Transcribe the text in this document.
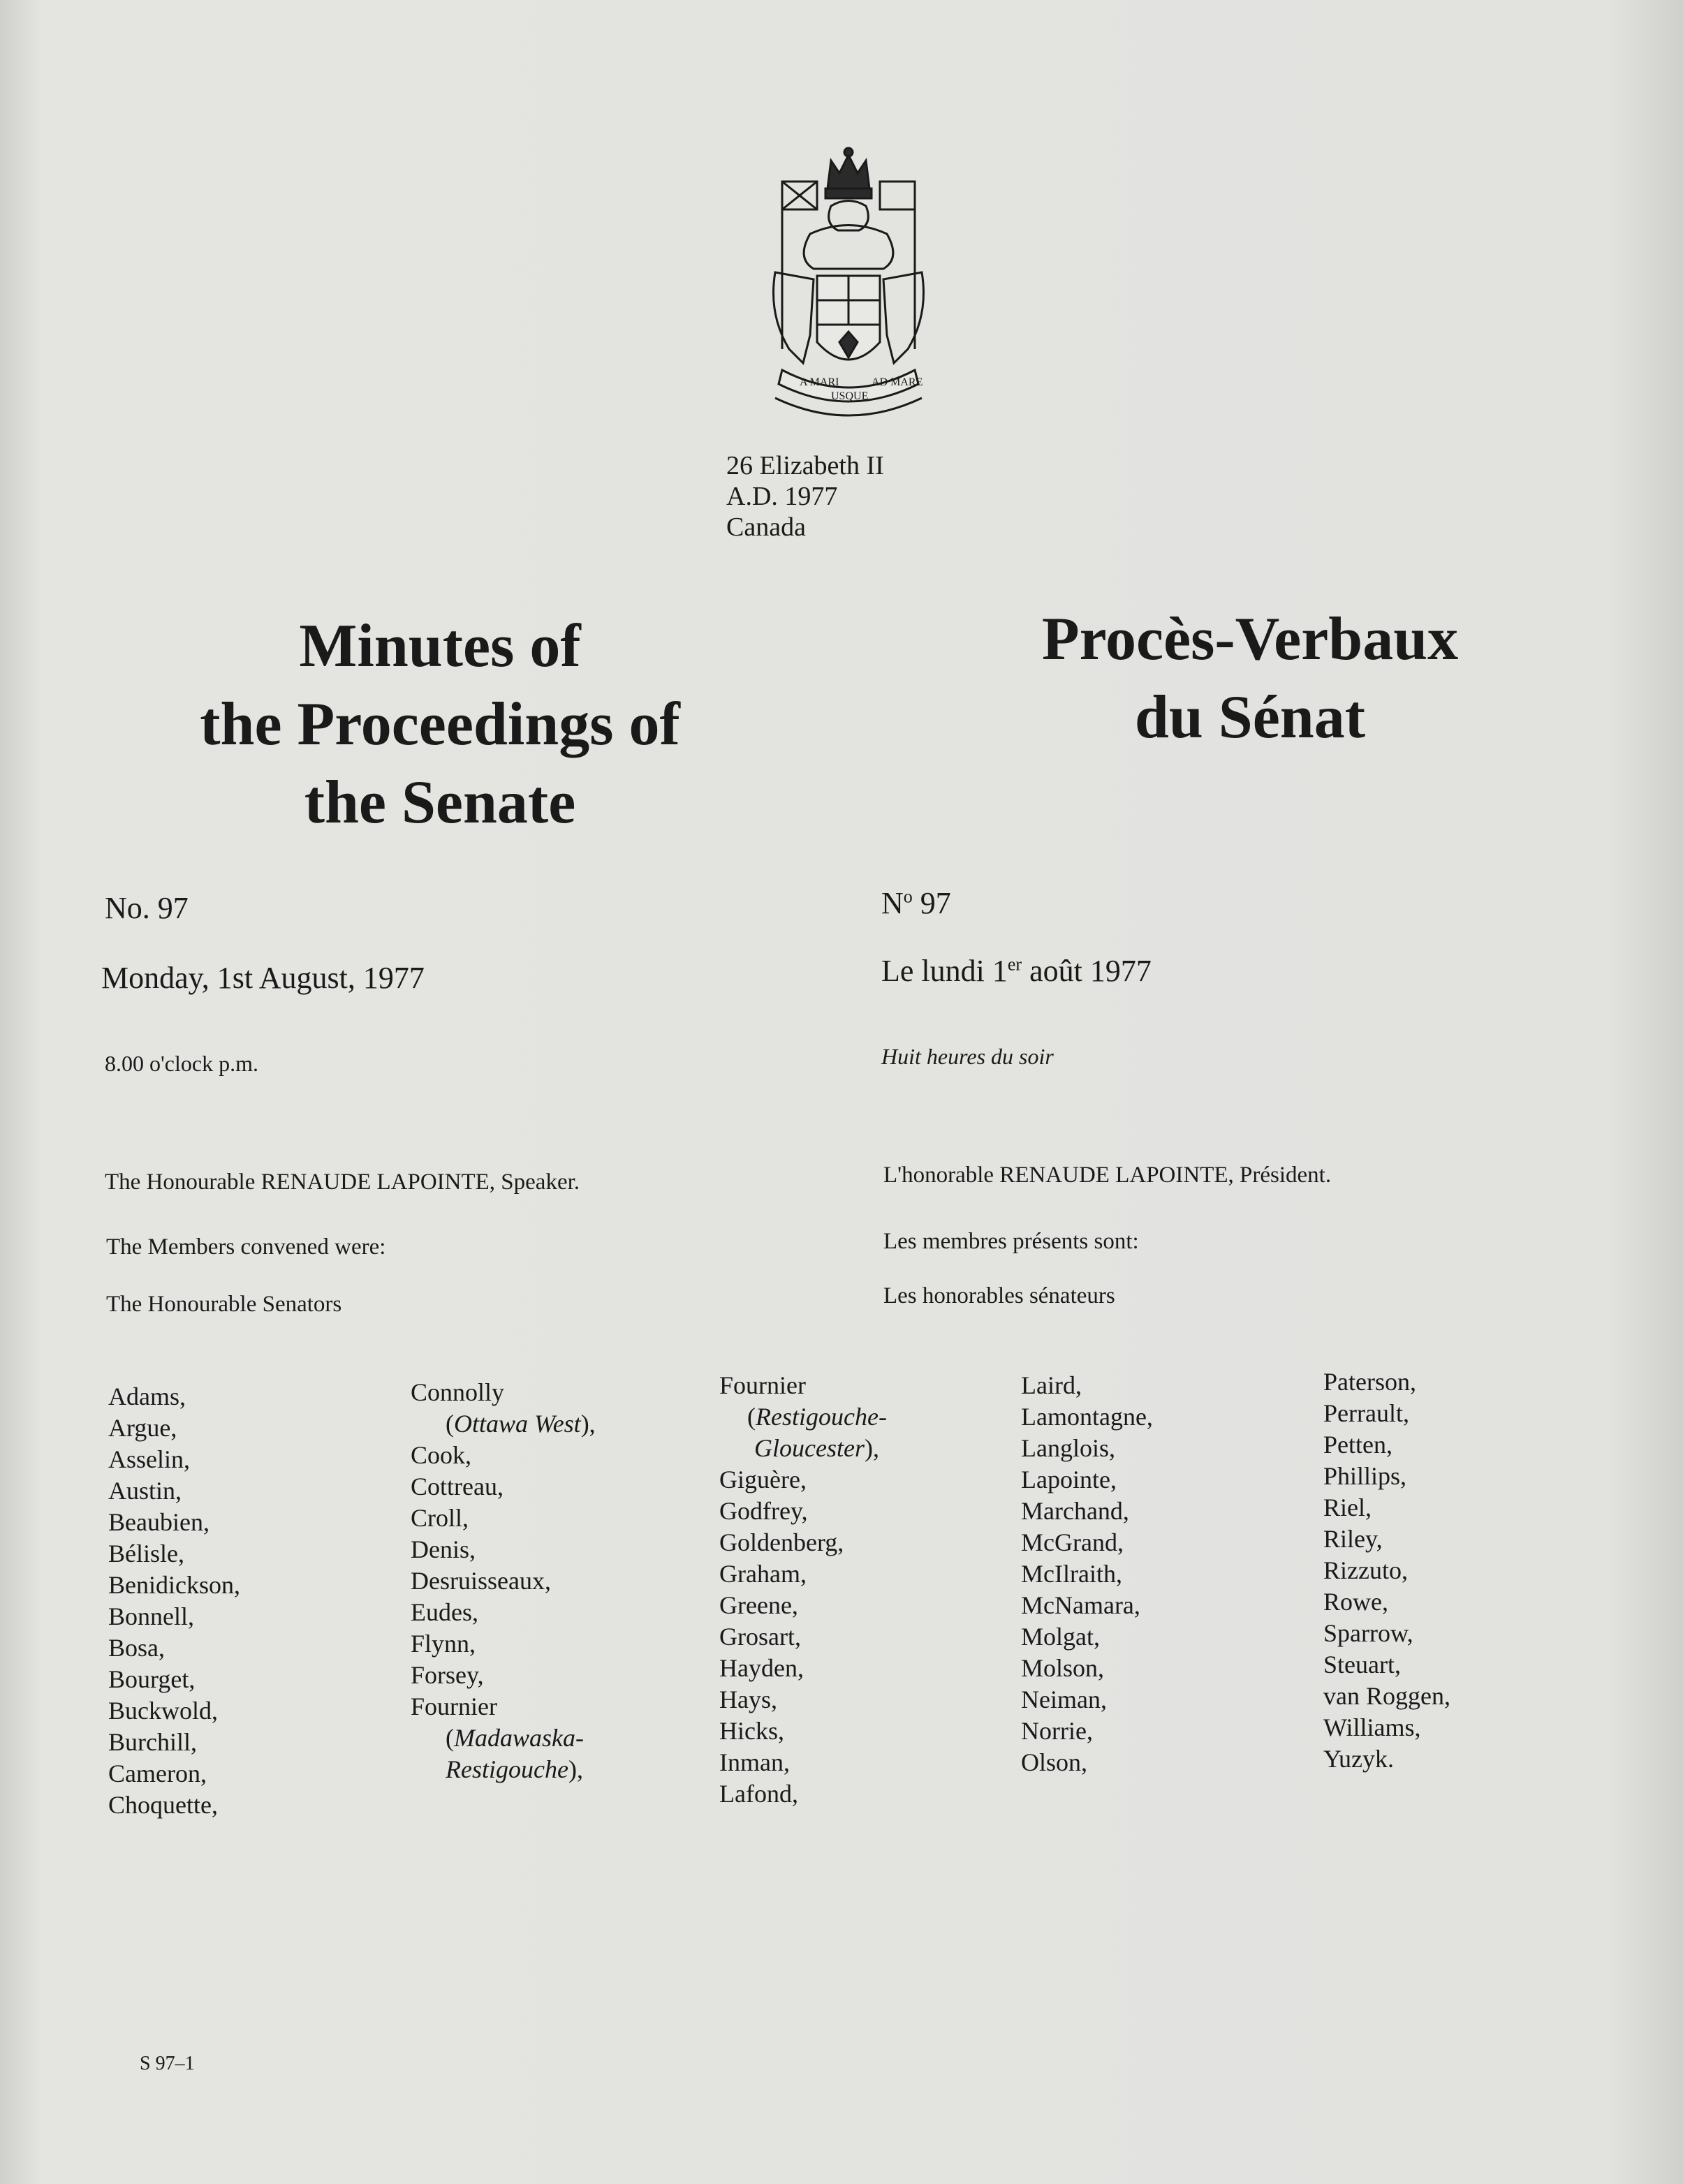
A MARI
USQUE
AD MARE
26 Elizabeth II
A.D. 1977
Canada
Minutes of
the Proceedings of
the Senate
Procès-Verbaux
du Sénat
No. 97
Monday, 1st August, 1977
8.00 o'clock p.m.
The Honourable RENAUDE LAPOINTE, Speaker.
The Members convened were:
The Honourable Senators
$N^o$ 97
Le lundi 1er août 1977
Huit heures du soir
L'honorable RENAUDE LAPOINTE, Président.
Les membres présents sont:
Les honorables sénateurs
Adams,
Argue,
Asselin,
Austin,
Beaubien,
Bélisle,
Benidickson,
Bonnell,
Bosa,
Bourget,
Buckwold,
Burchill,
Cameron,
Choquette,
Connolly
(Ottawa West),
Cook,
Cottreau,
Croll,
Denis,
Desruisseaux,
Eudes,
Flynn,
Forsey,
Fournier
(Madawaska-
Restigouche),
Fournier
(Restigouche-
Gloucester),
Giguère,
Godfrey,
Goldenberg,
Graham,
Greene,
Grosart,
Hayden,
Hays,
Hicks,
Inman,
Lafond,
Laird,
Lamontagne,
Langlois,
Lapointe,
Marchand,
McGrand,
McIlraith,
McNamara,
Molgat,
Molson,
Neiman,
Norrie,
Olson,
Paterson,
Perrault,
Petten,
Phillips,
Riel,
Riley,
Rizzuto,
Rowe,
Sparrow,
Steuart,
van Roggen,
Williams,
Yuzyk.
S 97–1
